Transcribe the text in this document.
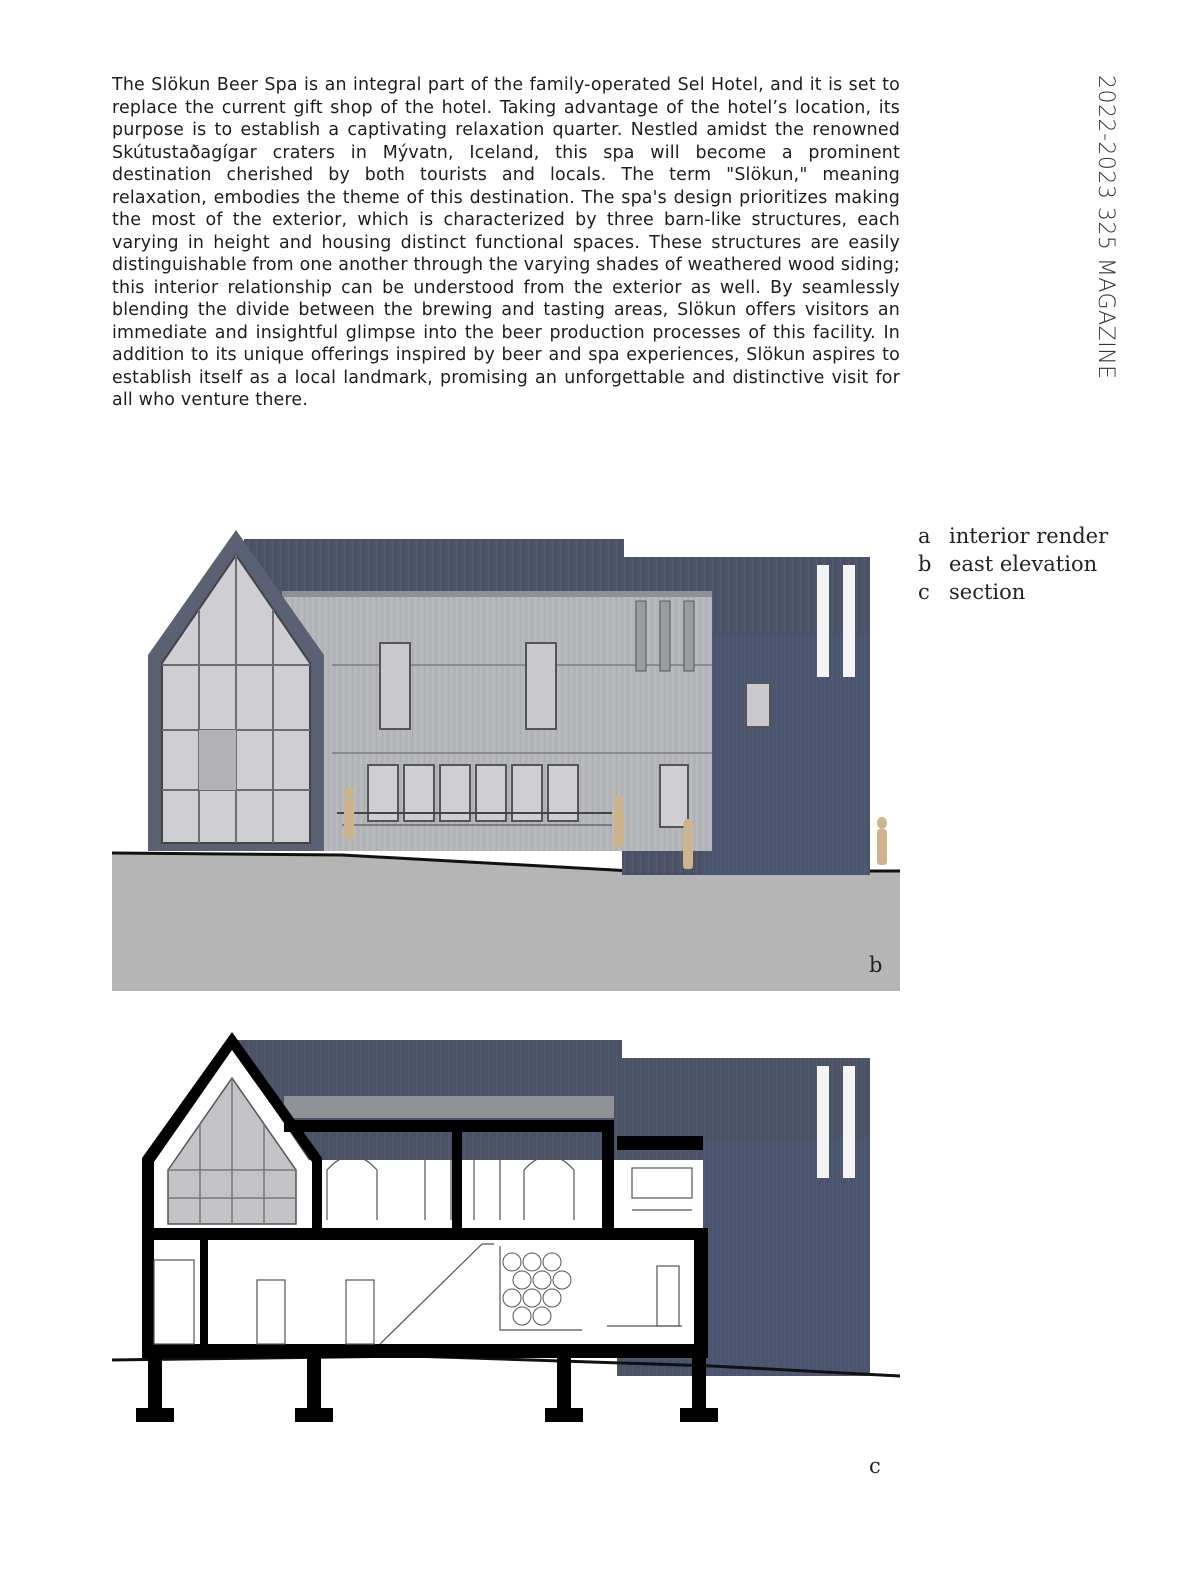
The Slökun Beer Spa is an integral part of the family-operated Sel Hotel, and it is set to replace the current gift shop of the hotel. Taking advantage of the hotel’s location, its purpose is to establish a captivating relaxation quarter. Nestled amidst the renowned Skútustaðagígar craters in Mývatn, Iceland, this spa will become a prominent destination cherished by both tourists and locals. The term "Slökun," meaning relaxation, embodies the theme of this destination. The spa's design prioritizes making the most of the exterior, which is characterized by three barn-like structures, each varying in height and housing distinct functional spaces. These structures are easily distinguishable from one another through the varying shades of weathered wood siding; this interior relationship can be understood from the exterior as well. By seamlessly blending the divide between the brewing and tasting areas, Slökun offers visitors an immediate and insightful glimpse into the beer production processes of this facility. In addition to its unique offerings inspired by beer and spa experiences, Slökun aspires to establish itself as a local landmark, promising an unforgettable and distinctive visit for all who venture there.

2022-2023 325 MAGAZINE
a interior render
b east elevation
c section
b
c
